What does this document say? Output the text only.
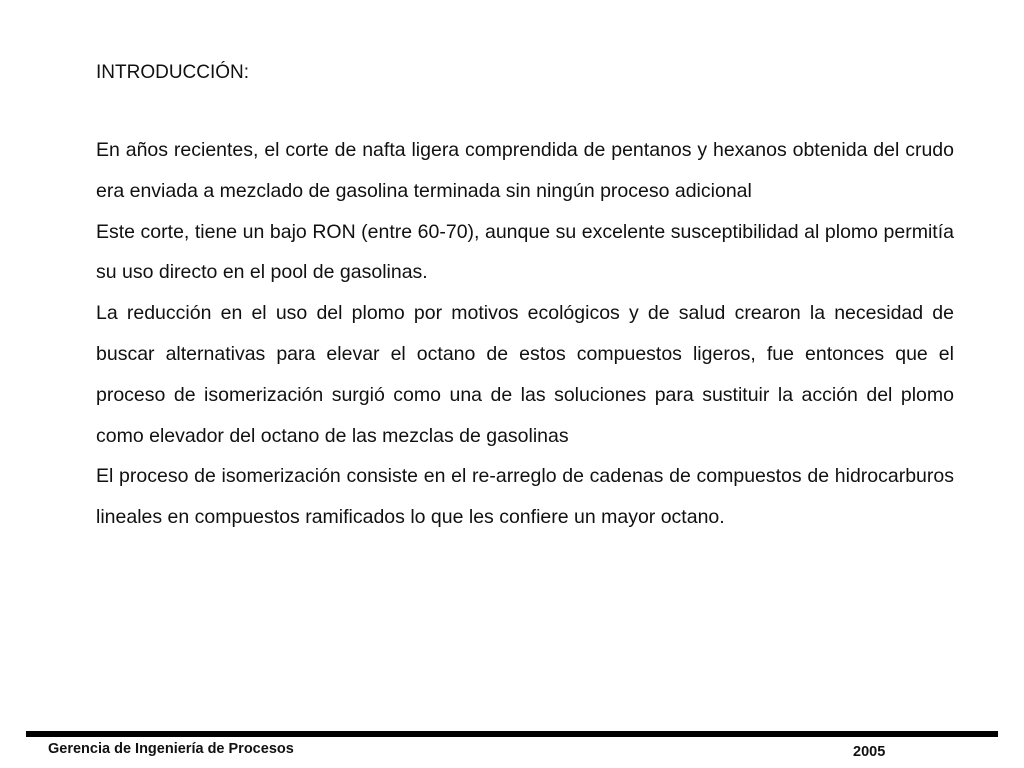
INTRODUCCIÓN:

En años recientes, el corte de nafta ligera comprendida de pentanos y hexanos obtenida del crudo era enviada a mezclado de gasolina terminada sin ningún proceso adicional

Este corte, tiene un bajo RON (entre 60-70), aunque su excelente susceptibilidad al plomo permitía su uso directo en el pool de gasolinas.

La reducción en el uso del plomo por motivos ecológicos y de salud crearon la necesidad de buscar alternativas para elevar el octano de estos compuestos ligeros, fue entonces que el proceso de isomerización surgió como una de las soluciones para sustituir la acción del plomo como elevador del octano de las mezclas de gasolinas

El proceso de isomerización consiste en el re-arreglo de cadenas de compuestos de hidrocarburos lineales en compuestos ramificados lo que les confiere un mayor octano.

Gerencia de Ingeniería de Procesos	2005
